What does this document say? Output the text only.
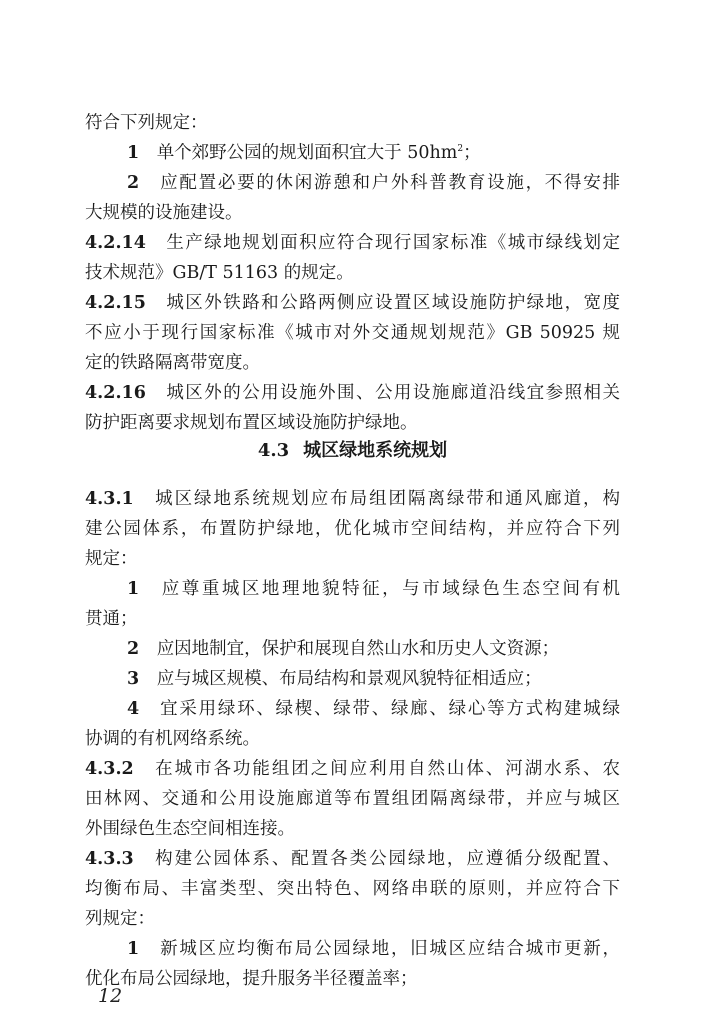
符合下列规定：
1　 单个郊野公园的规划面积宜大于 $50hm^2$；
2　 应配置必要的休闲游憩和户外科普教育设施，不得安排
大规模的设施建设。
4.2.14　 生产绿地规划面积应符合现行国家标准《城市绿线划定
技术规范》GB/T 51163 的规定。
4.2.15　 城区外铁路和公路两侧应设置区域设施防护绿地，宽度
不应小于现行国家标准《城市对外交通规划规范》GB 50925 规
定的铁路隔离带宽度。
4.2.16　 城区外的公用设施外围、公用设施廊道沿线宜参照相关
防护距离要求规划布置区域设施防护绿地。
4.3 城区绿地系统规划
4.3.1　 城区绿地系统规划应布局组团隔离绿带和通风廊道，构
建公园体系，布置防护绿地，优化城市空间结构，并应符合下列
规定：
1　 应尊重城区地理地貌特征，与市域绿色生态空间有机
贯通；
2　 应因地制宜，保护和展现自然山水和历史人文资源；
3　 应与城区规模、布局结构和景观风貌特征相适应；
4　 宜采用绿环、绿楔、绿带、绿廊、绿心等方式构建城绿
协调的有机网络系统。
4.3.2　 在城市各功能组团之间应利用自然山体、河湖水系、农
田林网、交通和公用设施廊道等布置组团隔离绿带，并应与城区
外围绿色生态空间相连接。
4.3.3　 构建公园体系、配置各类公园绿地，应遵循分级配置、
均衡布局、丰富类型、突出特色、网络串联的原则，并应符合下
列规定：
1　 新城区应均衡布局公园绿地，旧城区应结合城市更新，
优化布局公园绿地，提升服务半径覆盖率；
12
